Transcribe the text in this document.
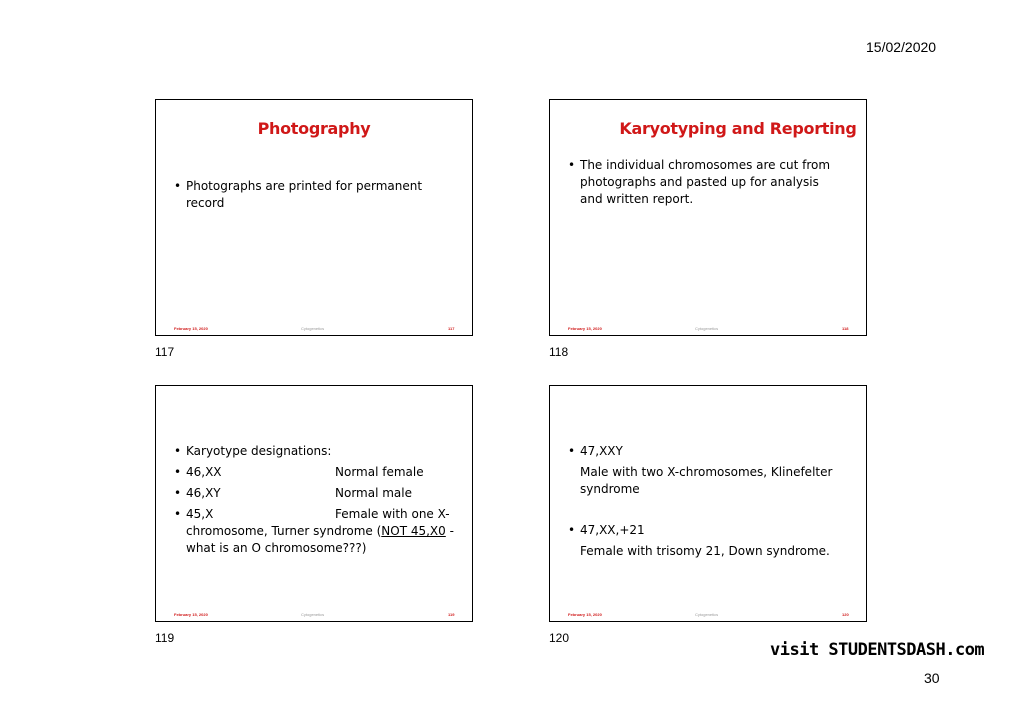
15/02/2020
Photography
• Photographs are printed for permanent record
February 15, 2020	Cytogenetics	117
117
Karyotyping and Reporting
• The individual chromosomes are cut from photographs and pasted up for analysis and written report.
February 15, 2020	Cytogenetics	118
118
• Karyotype designations:
• 46,XX	Normal female
• 46,XY	Normal male
• 45,X	Female with one X-
chromosome, Turner syndrome (NOT 45,X0 -
what is an O chromosome???)
February 15, 2020	Cytogenetics	119
119
• 47,XXY
Male with two X-chromosomes, Klinefelter syndrome
• 47,XX,+21
Female with trisomy 21, Down syndrome.
February 15, 2020	Cytogenetics	120
120
visit STUDENTSDASH.com
30
